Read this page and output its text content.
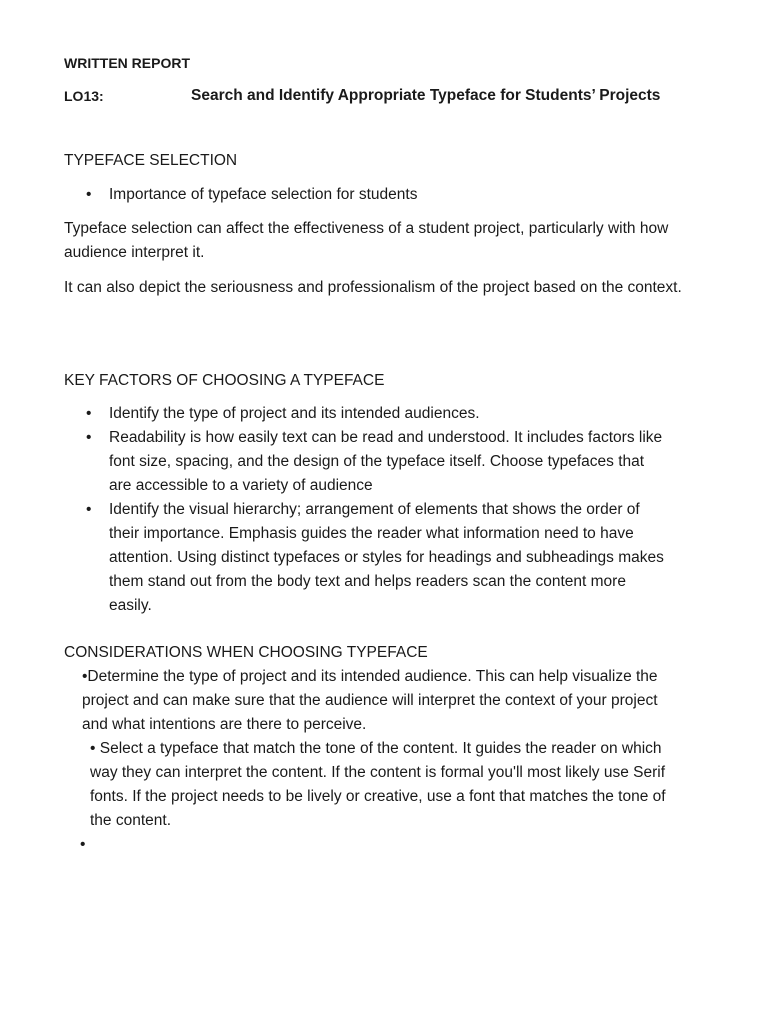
WRITTEN REPORT
LO13:	Search and Identify Appropriate Typeface for Students’ Projects
TYPEFACE SELECTION
• Importance of typeface selection for students
Typeface selection can affect the effectiveness of a student project, particularly with how audience interpret it.
It can also depict the seriousness and professionalism of the project based on the context.
KEY FACTORS OF CHOOSING A TYPEFACE
• Identify the type of project and its intended audiences.
• Readability is how easily text can be read and understood. It includes factors like font size, spacing, and the design of the typeface itself. Choose typefaces that are accessible to a variety of audience
• Identify the visual hierarchy; arrangement of elements that shows the order of their importance. Emphasis guides the reader what information need to have attention. Using distinct typefaces or styles for headings and subheadings makes them stand out from the body text and helps readers scan the content more easily.
CONSIDERATIONS WHEN CHOOSING TYPEFACE
•Determine the type of project and its intended audience. This can help visualize the project and can make sure that the audience will interpret the context of your project and what intentions are there to perceive.
• Select a typeface that match the tone of the content. It guides the reader on which way they can interpret the content. If the content is formal you'll most likely use Serif fonts. If the project needs to be lively or creative, use a font that matches the tone of the content.
•
